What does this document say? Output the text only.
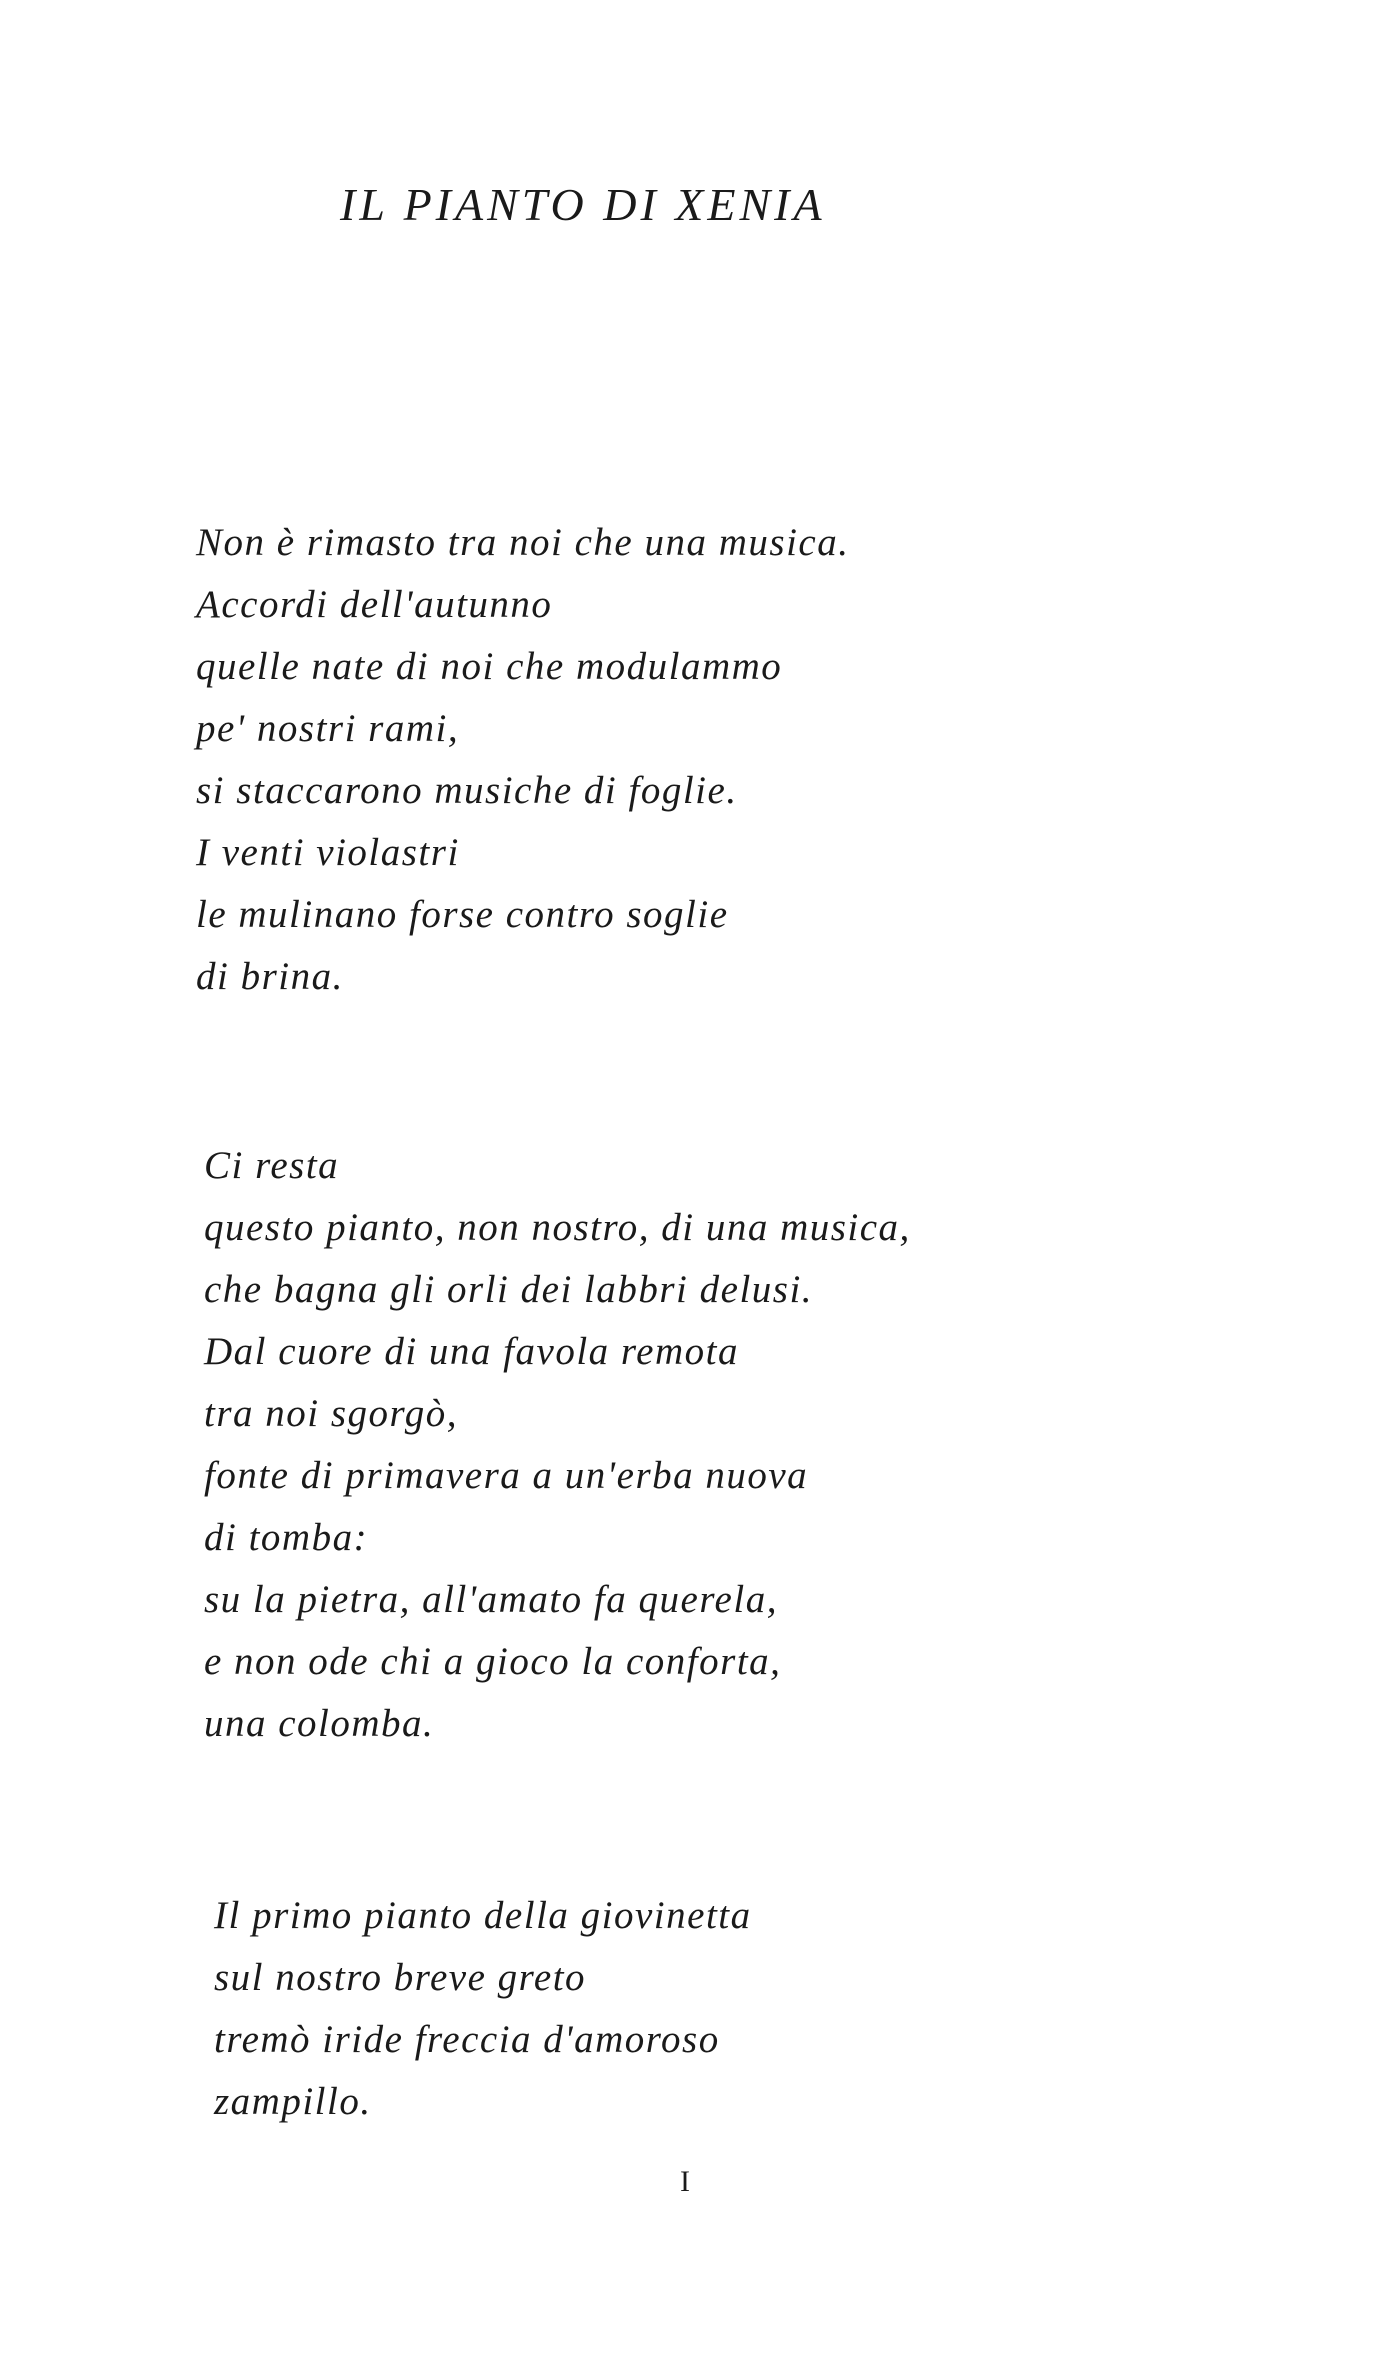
IL PIANTO DI XENIA
Non è rimasto tra noi che una musica.
Accordi dell'autunno
quelle nate di noi che modulammo
pe' nostri rami,
si staccarono musiche di foglie.
I venti violastri
le mulinano forse contro soglie
di brina.
Ci resta
questo pianto, non nostro, di una musica,
che bagna gli orli dei labbri delusi.
Dal cuore di una favola remota
tra noi sgorgò,
fonte di primavera a un'erba nuova
di tomba:
su la pietra, all'amato fa querela,
e non ode chi a gioco la conforta,
una colomba.
Il primo pianto della giovinetta
sul nostro breve greto
tremò iride freccia d'amoroso
zampillo.
I
